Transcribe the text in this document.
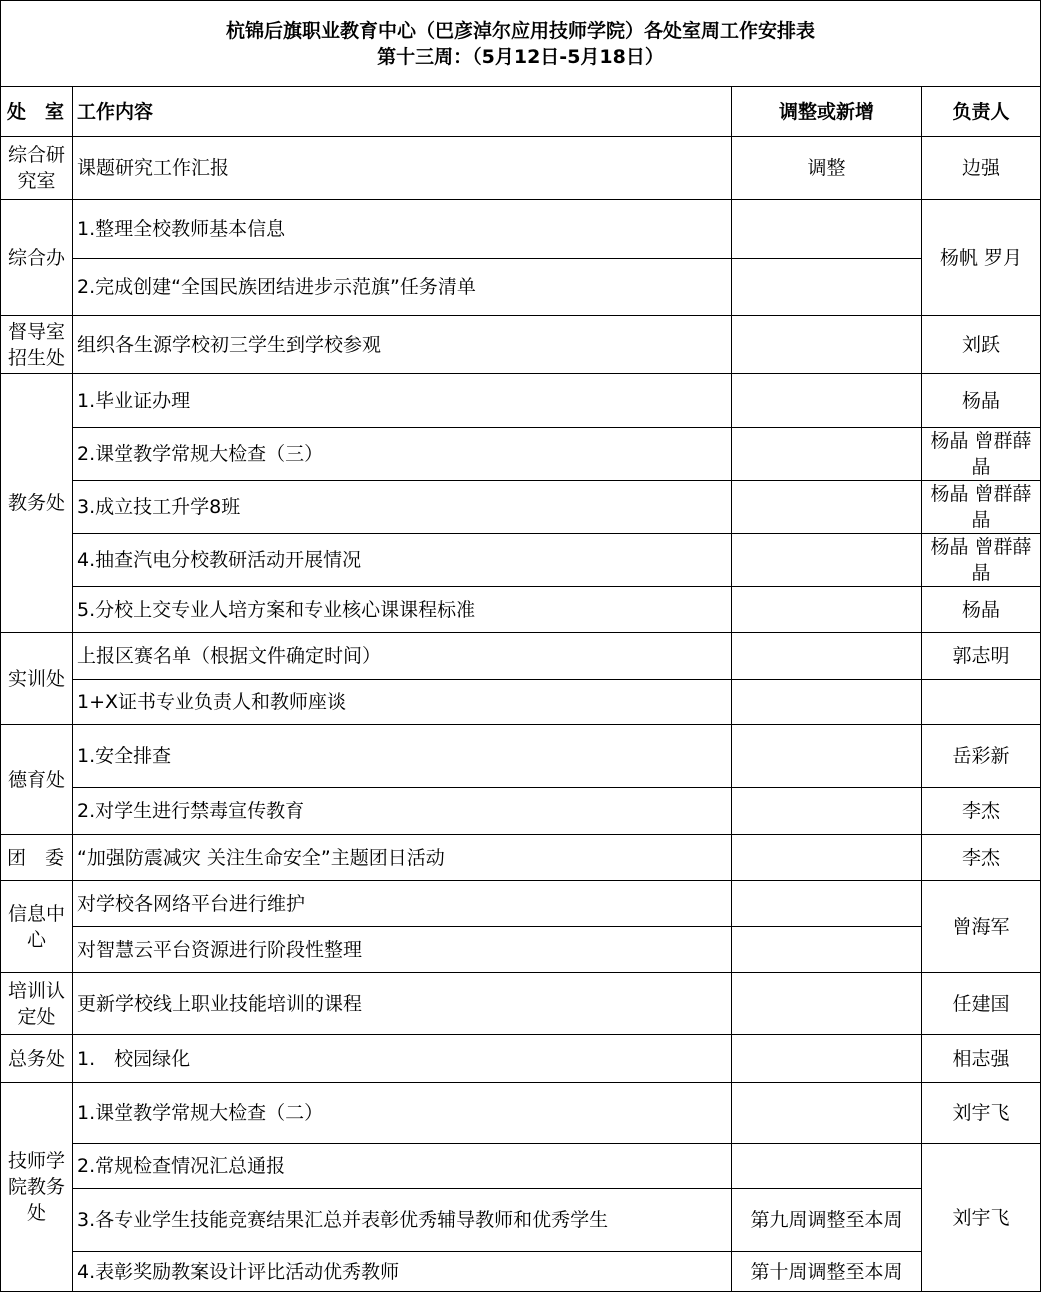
杭锦后旗职业教育中心（巴彦淖尔应用技师学院）各处室周工作安排表
第十三周：（5月12日-5月18日）			

处　室	工作内容	调整或新增	负责人
综合研究室	课题研究工作汇报	调整	边强
综合办	1.整理全校教师基本信息		杨帆 罗月
	2.完成创建“全国民族团结进步示范旗”任务清单		
督导室招生处	组织各生源学校初三学生到学校参观		刘跃
教务处	1.毕业证办理		杨晶
	2.课堂教学常规大检查（三）		杨晶 曾群薛晶
	3.成立技工升学8班		杨晶 曾群薛晶
	4.抽查汽电分校教研活动开展情况		杨晶 曾群薛晶
	5.分校上交专业人培方案和专业核心课课程标准		杨晶
实训处	上报区赛名单（根据文件确定时间）		郭志明
	1+X证书专业负责人和教师座谈		
德育处	1.安全排查		岳彩新
	2.对学生进行禁毒宣传教育		李杰
团　委	“加强防震减灾 关注生命安全”主题团日活动		李杰
信息中心	对学校各网络平台进行维护		曾海军
	对智慧云平台资源进行阶段性整理		
培训认定处	更新学校线上职业技能培训的课程		任建国
总务处	1.　校园绿化		相志强
技师学院教务处	1.课堂教学常规大检查（二）		刘宇飞
	2.常规检查情况汇总通报		刘宇飞
	3.各专业学生技能竞赛结果汇总并表彰优秀辅导教师和优秀学生	第九周调整至本周	
	4.表彰奖励教案设计评比活动优秀教师	第十周调整至本周	
